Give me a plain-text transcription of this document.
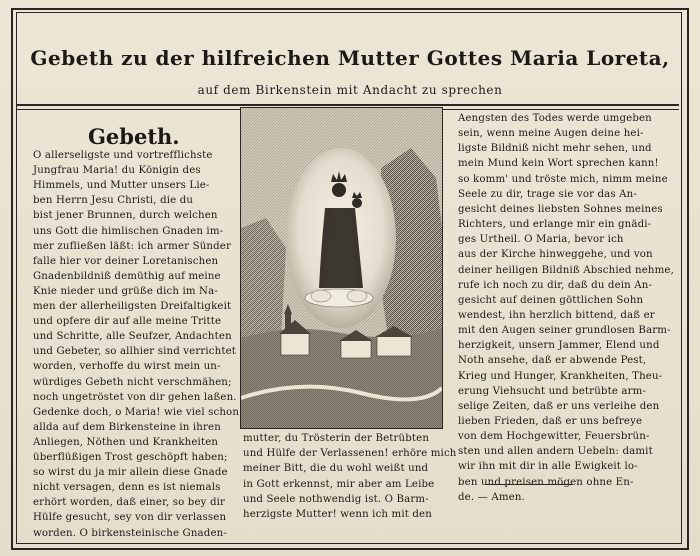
Gebeth zu der hilfreichen Mutter Gottes Maria Loreta,
auf dem Birkenstein mit Andacht zu sprechen
Gebeth.
O allerseligste und vortrefflichste
Jungfrau Maria! du Königin des
Himmels, und Mutter unsers Lie-
ben Herrn Jesu Christi, die du
bist jener Brunnen, durch welchen
uns Gott die himlischen Gnaden im-
mer zufließen läßt: ich armer Sünder
falle hier vor deiner Loretanischen
Gnadenbildniß demüthig auf meine
Knie nieder und grüße dich im Na-
men der allerheiligsten Dreifaltigkeit
und opfere dir auf alle meine Tritte
und Schritte, alle Seufzer, Andachten
und Gebeter, so allhier sind verrichtet
worden, verhoffe du wirst mein un-
würdiges Gebeth nicht verschmähen;
noch ungetröstet von dir gehen laßen.
Gedenke doch, o Maria! wie viel schon
allda auf dem Birkensteine in ihren
Anliegen, Nöthen und Krankheiten
überflüßigen Trost geschöpft haben;
so wirst du ja mir allein diese Gnade
nicht versagen, denn es ist niemals
erhört worden, daß einer, so bey dir
Hülfe gesucht, sey von dir verlassen
worden. O birkensteinische Gnaden-
Aengsten des Todes werde umgeben
sein, wenn meine Augen deine hei-
ligste Bildniß nicht mehr sehen, und
mein Mund kein Wort sprechen kann!
so komm' und tröste mich, nimm meine
Seele zu dir, trage sie vor das An-
gesicht deines liebsten Sohnes meines
Richters, und erlange mir ein gnädi-
ges Urtheil. O Maria, bevor ich
aus der Kirche hinweggehe, und von
deiner heiligen Bildniß Abschied nehme,
rufe ich noch zu dir, daß du dein An-
gesicht auf deinen göttlichen Sohn
wendest, ihn herzlich bittend, daß er
mit den Augen seiner grundlosen Barm-
herzigkeit, unsern Jammer, Elend und
Noth ansehe, daß er abwende Pest,
Krieg und Hunger, Krankheiten, Theu-
erung Viehsucht und betrübte arm-
selige Zeiten, daß er uns verleihe den
lieben Frieden, daß er uns befreye
von dem Hochgewitter, Feuersbrün-
sten und allen andern Uebeln: damit
wir ihn mit dir in alle Ewigkeit lo-
ben und preisen mögen ohne En-
de. — Amen.
mutter, du Trösterin der Betrübten
und Hülfe der Verlassenen! erhöre mich
meiner Bitt, die du wohl weißt und
in Gott erkennst, mir aber am Leibe
und Seele nothwendig ist. O Barm-
herzigste Mutter! wenn ich mit den
